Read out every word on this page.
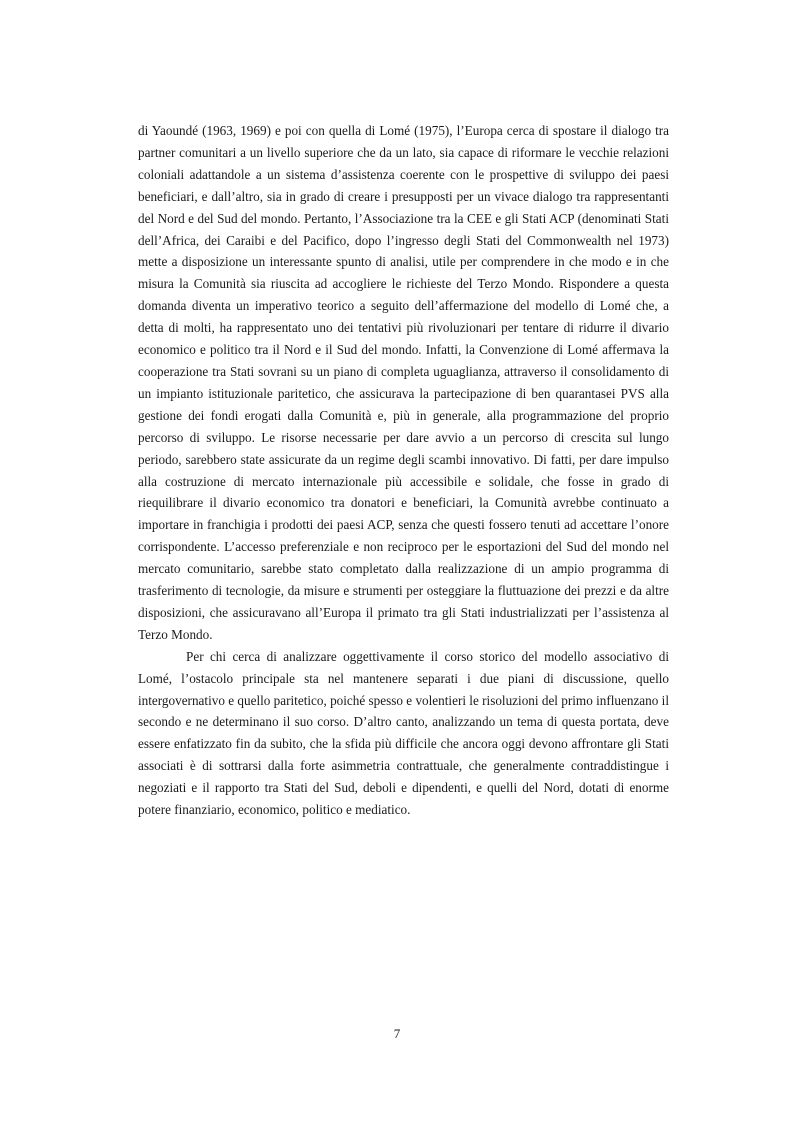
di Yaoundé (1963, 1969) e poi con quella di Lomé (1975), l’Europa cerca di spostare il dialogo tra partner comunitari a un livello superiore che da un lato, sia capace di riformare le vecchie relazioni coloniali adattandole a un sistema d’assistenza coerente con le prospettive di sviluppo dei paesi beneficiari, e dall’altro, sia in grado di creare i presupposti per un vivace dialogo tra rappresentanti del Nord e del Sud del mondo. Pertanto, l’Associazione tra la CEE e gli Stati ACP (denominati Stati dell’Africa, dei Caraibi e del Pacifico, dopo l’ingresso degli Stati del Commonwealth nel 1973) mette a disposizione un interessante spunto di analisi, utile per comprendere in che modo e in che misura la Comunità sia riuscita ad accogliere le richieste del Terzo Mondo. Rispondere a questa domanda diventa un imperativo teorico a seguito dell’affermazione del modello di Lomé che, a detta di molti, ha rappresentato uno dei tentativi più rivoluzionari per tentare di ridurre il divario economico e politico tra il Nord e il Sud del mondo. Infatti, la Convenzione di Lomé affermava la cooperazione tra Stati sovrani su un piano di completa uguaglianza, attraverso il consolidamento di un impianto istituzionale paritetico, che assicurava la partecipazione di ben quarantasei PVS alla gestione dei fondi erogati dalla Comunità e, più in generale, alla programmazione del proprio percorso di sviluppo. Le risorse necessarie per dare avvio a un percorso di crescita sul lungo periodo, sarebbero state assicurate da un regime degli scambi innovativo. Di fatti, per dare impulso alla costruzione di mercato internazionale più accessibile e solidale, che fosse in grado di riequilibrare il divario economico tra donatori e beneficiari, la Comunità avrebbe continuato a importare in franchigia i prodotti dei paesi ACP, senza che questi fossero tenuti ad accettare l’onore corrispondente. L’accesso preferenziale e non reciproco per le esportazioni del Sud del mondo nel mercato comunitario, sarebbe stato completato dalla realizzazione di un ampio programma di trasferimento di tecnologie, da misure e strumenti per osteggiare la fluttuazione dei prezzi e da altre disposizioni, che assicuravano all’Europa il primato tra gli Stati industrializzati per l’assistenza al Terzo Mondo.

Per chi cerca di analizzare oggettivamente il corso storico del modello associativo di Lomé, l’ostacolo principale sta nel mantenere separati i due piani di discussione, quello intergovernativo e quello paritetico, poiché spesso e volentieri le risoluzioni del primo influenzano il secondo e ne determinano il suo corso. D’altro canto, analizzando un tema di questa portata, deve essere enfatizzato fin da subito, che la sfida più difficile che ancora oggi devono affrontare gli Stati associati è di sottrarsi dalla forte asimmetria contrattuale, che generalmente contraddistingue i negoziati e il rapporto tra Stati del Sud, deboli e dipendenti, e quelli del Nord, dotati di enorme potere finanziario, economico, politico e mediatico.

7
